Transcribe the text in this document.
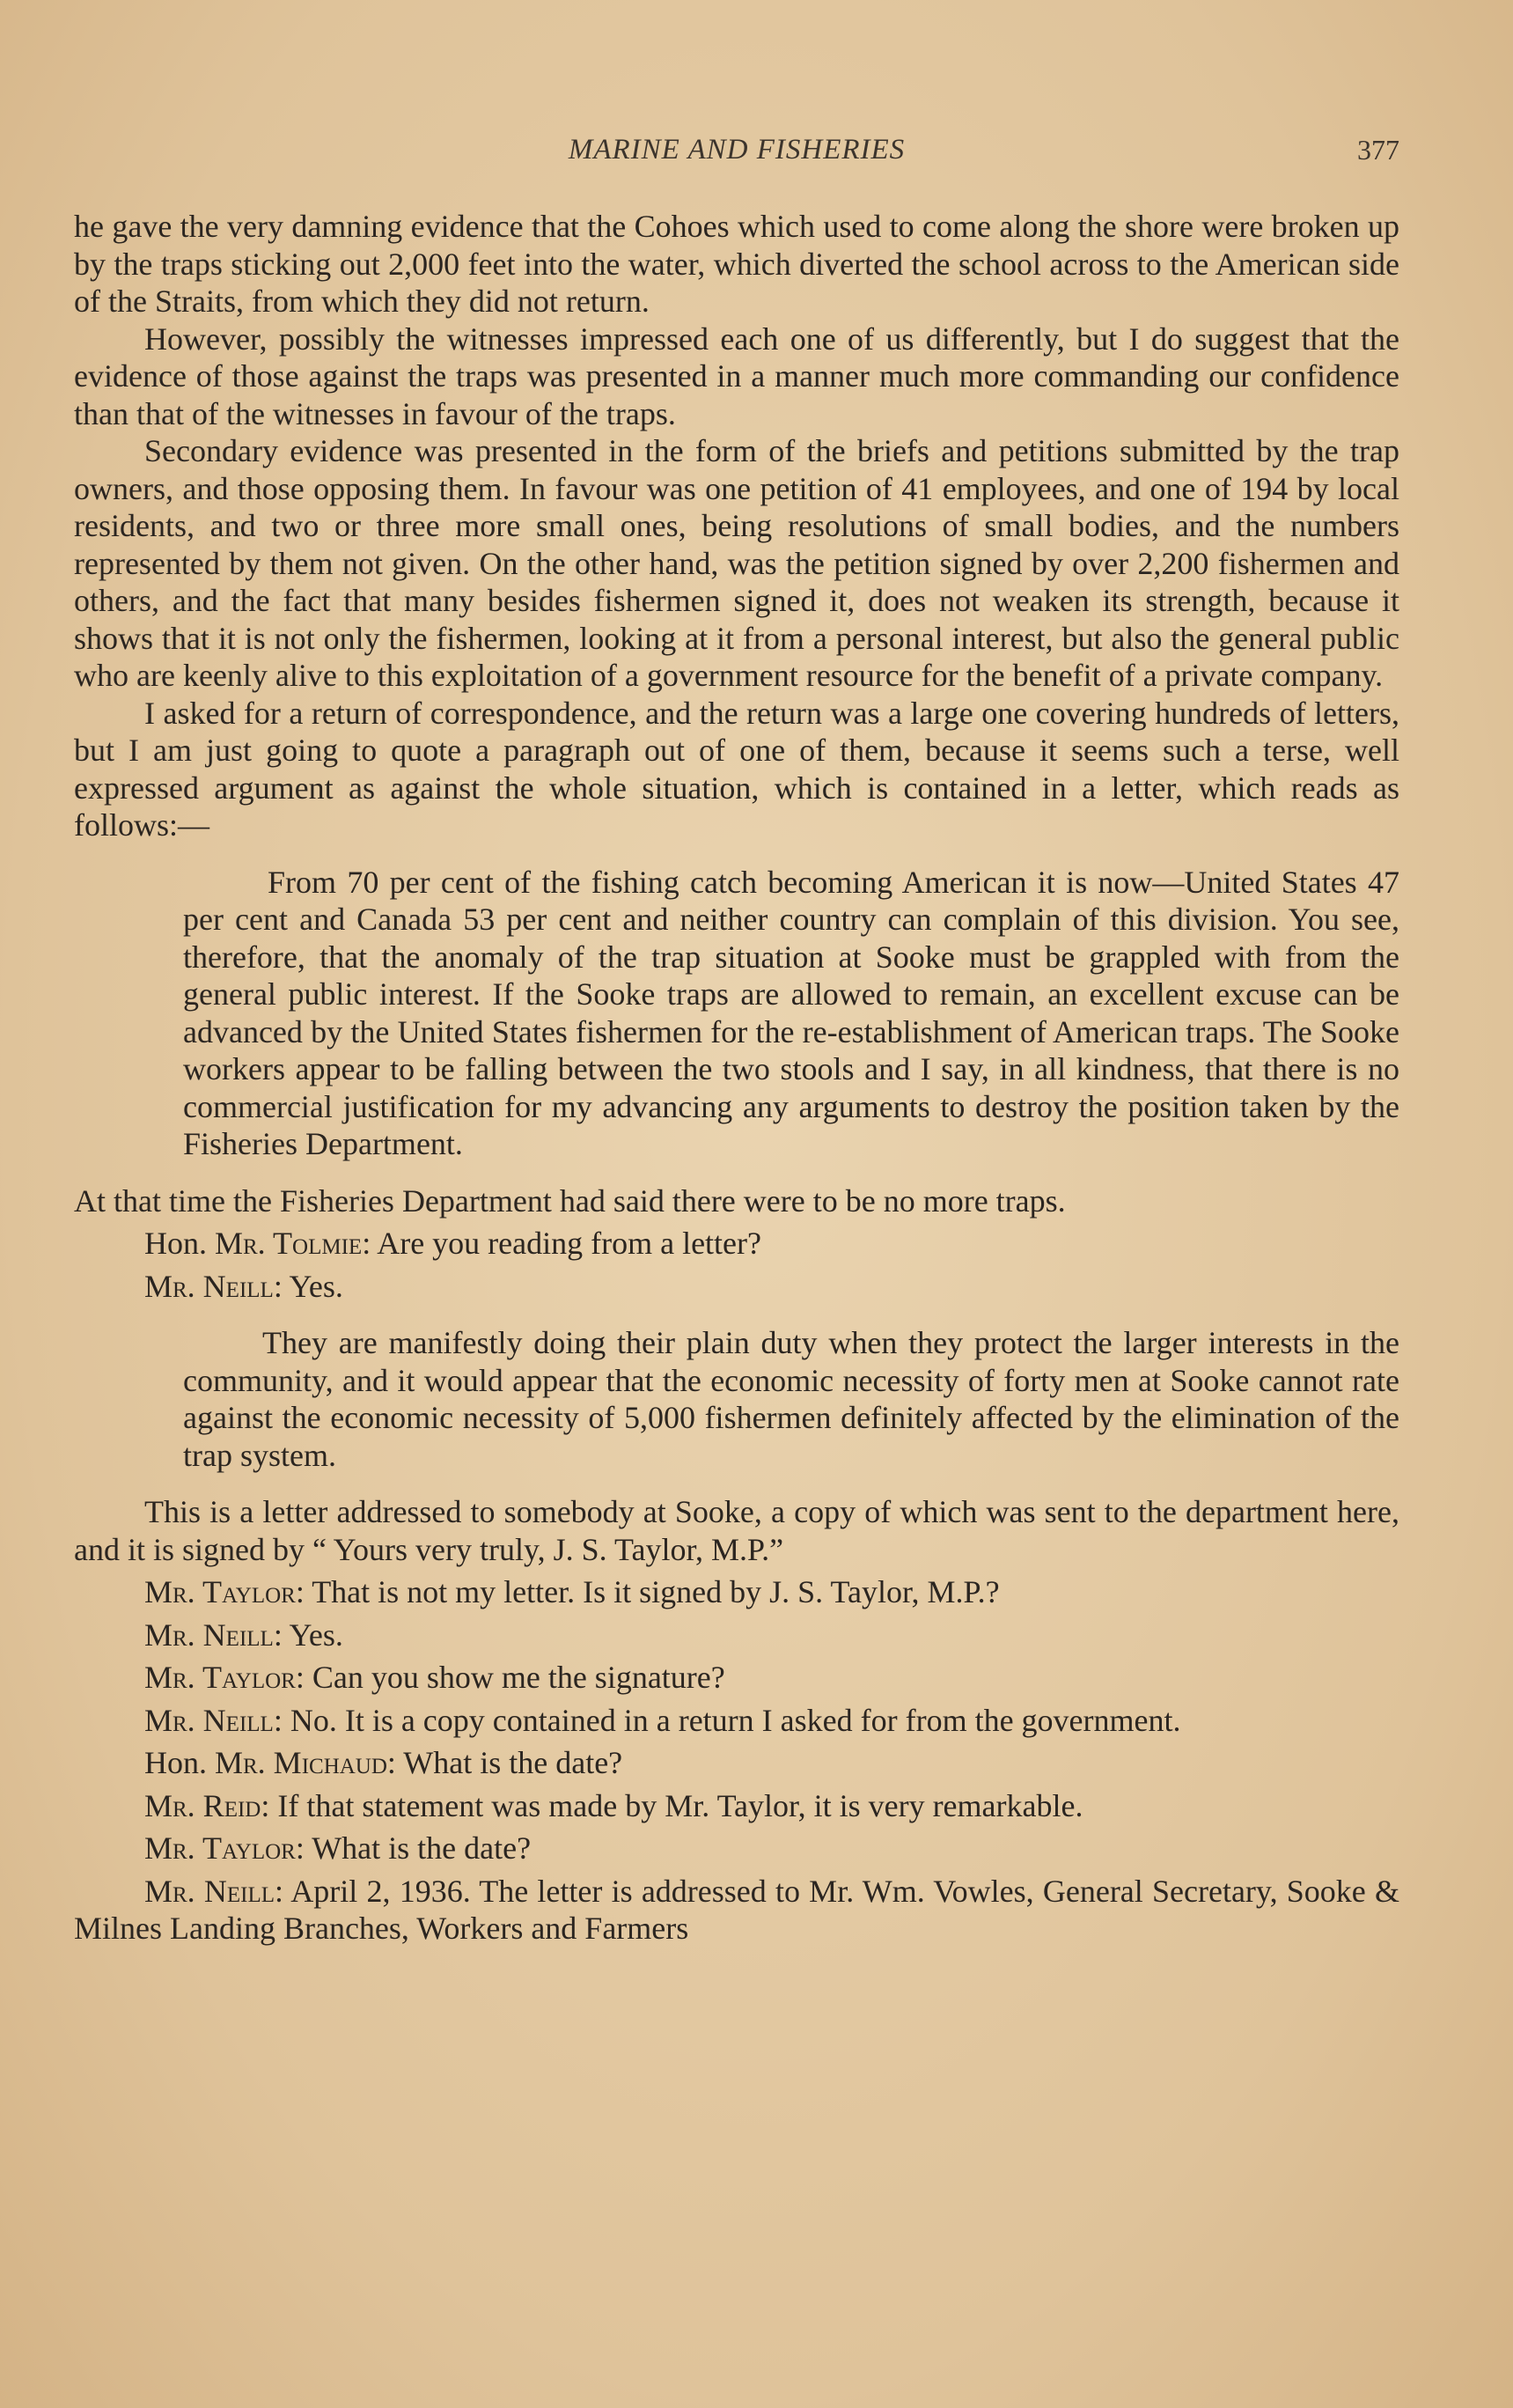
MARINE AND FISHERIES	377

he gave the very damning evidence that the Cohoes which used to come along the shore were broken up by the traps sticking out 2,000 feet into the water, which diverted the school across to the American side of the Straits, from which they did not return.

However, possibly the witnesses impressed each one of us differently, but I do suggest that the evidence of those against the traps was presented in a manner much more commanding our confidence than that of the witnesses in favour of the traps.

Secondary evidence was presented in the form of the briefs and petitions submitted by the trap owners, and those opposing them. In favour was one petition of 41 employees, and one of 194 by local residents, and two or three more small ones, being resolutions of small bodies, and the numbers represented by them not given. On the other hand, was the petition signed by over 2,200 fishermen and others, and the fact that many besides fishermen signed it, does not weaken its strength, because it shows that it is not only the fishermen, looking at it from a personal interest, but also the general public who are keenly alive to this exploitation of a government resource for the benefit of a private company.

I asked for a return of correspondence, and the return was a large one covering hundreds of letters, but I am just going to quote a paragraph out of one of them, because it seems such a terse, well expressed argument as against the whole situation, which is contained in a letter, which reads as follows:—

From 70 per cent of the fishing catch becoming American it is now—United States 47 per cent and Canada 53 per cent and neither country can complain of this division. You see, therefore, that the anomaly of the trap situation at Sooke must be grappled with from the general public interest. If the Sooke traps are allowed to remain, an excellent excuse can be advanced by the United States fishermen for the re-establishment of American traps. The Sooke workers appear to be falling between the two stools and I say, in all kindness, that there is no commercial justification for my advancing any arguments to destroy the position taken by the Fisheries Department.

At that time the Fisheries Department had said there were to be no more traps.

Hon. Mr. Tolmie: Are you reading from a letter?

Mr. Neill: Yes.

They are manifestly doing their plain duty when they protect the larger interests in the community, and it would appear that the economic necessity of forty men at Sooke cannot rate against the economic necessity of 5,000 fishermen definitely affected by the elimination of the trap system.

This is a letter addressed to somebody at Sooke, a copy of which was sent to the department here, and it is signed by “ Yours very truly, J. S. Taylor, M.P.”

Mr. Taylor: That is not my letter. Is it signed by J. S. Taylor, M.P.?

Mr. Neill: Yes.

Mr. Taylor: Can you show me the signature?

Mr. Neill: No. It is a copy contained in a return I asked for from the government.

Hon. Mr. Michaud: What is the date?

Mr. Reid: If that statement was made by Mr. Taylor, it is very remarkable.

Mr. Taylor: What is the date?

Mr. Neill: April 2, 1936. The letter is addressed to Mr. Wm. Vowles, General Secretary, Sooke & Milnes Landing Branches, Workers and Farmers
